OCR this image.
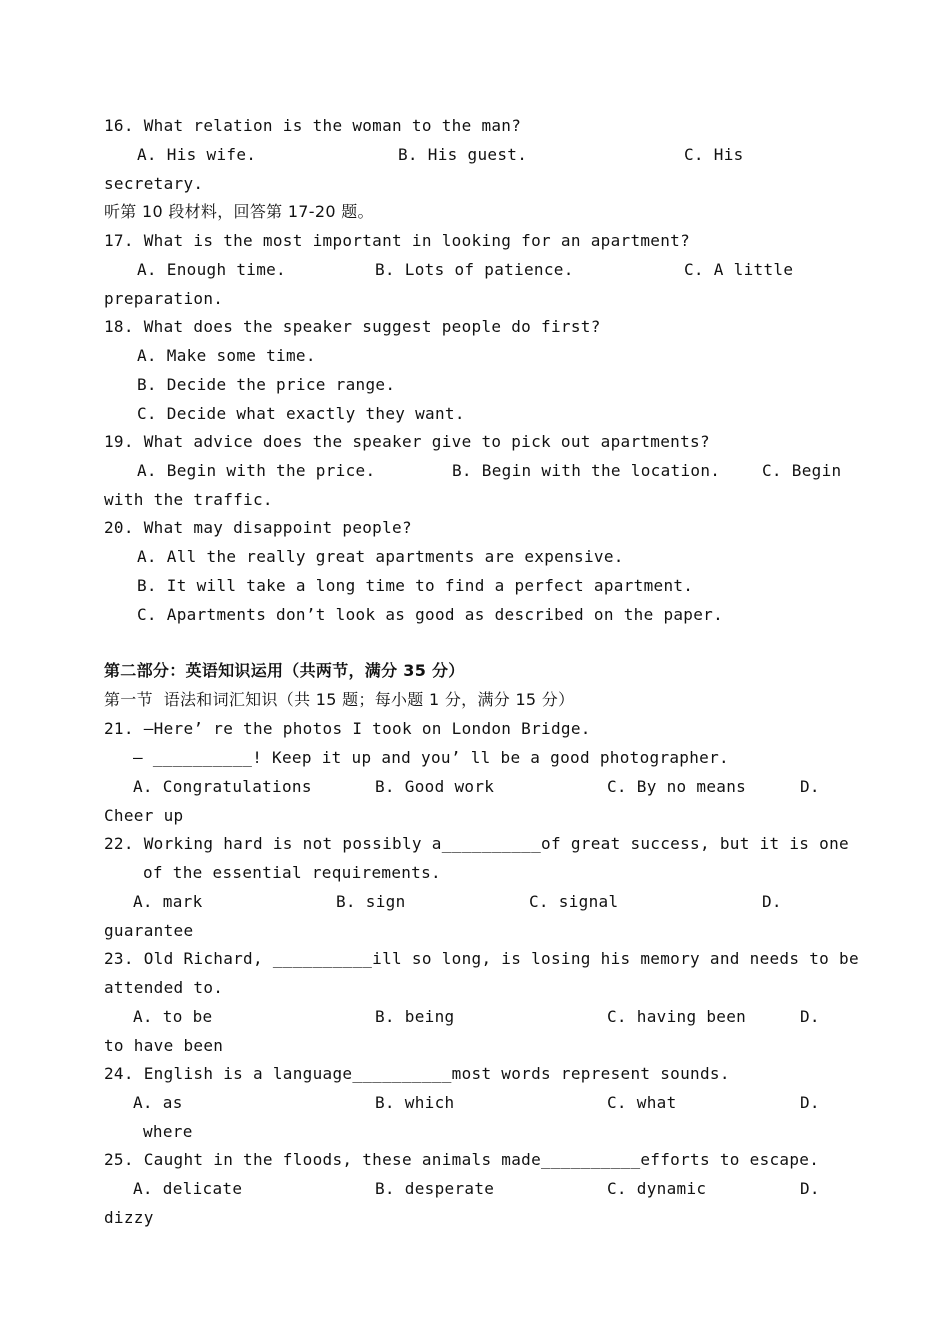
16. What relation is the woman to the man?
A. His wife.	B. His guest.	C. His
secretary.
听第 10 段材料，回答第 17-20 题。
17. What is the most important in looking for an apartment?
A. Enough time.	B. Lots of patience.	C. A little
preparation.
18. What does the speaker suggest people do first?
A. Make some time.
B. Decide the price range.
C. Decide what exactly they want.
19. What advice does the speaker give to pick out apartments?
A. Begin with the price.	B. Begin with the location.	C. Begin
with the traffic.
20. What may disappoint people?
A. All the really great apartments are expensive.
B. It will take a long time to find a perfect apartment.
C. Apartments don’t look as good as described on the paper.
第二部分：英语知识运用（共两节，满分 35 分）
第一节  语法和词汇知识（共 15 题；每小题 1 分，满分 15 分）
21. —Here’ re the photos I took on London Bridge.
— __________! Keep it up and you’ ll be a good photographer.
A. Congratulations	B. Good work	C. By no means	D.
Cheer up
22. Working hard is not possibly a__________of great success, but it is one
of the essential requirements.
A. mark	B. sign	C. signal	D.
guarantee
23. Old Richard, __________ill so long, is losing his memory and needs to be
attended to.
A. to be	B. being	C. having been	D.
to have been
24. English is a language__________most words represent sounds.
A. as	B. which	C. what	D.
where
25. Caught in the floods, these animals made__________efforts to escape.
A. delicate	B. desperate	C. dynamic	D.
dizzy
